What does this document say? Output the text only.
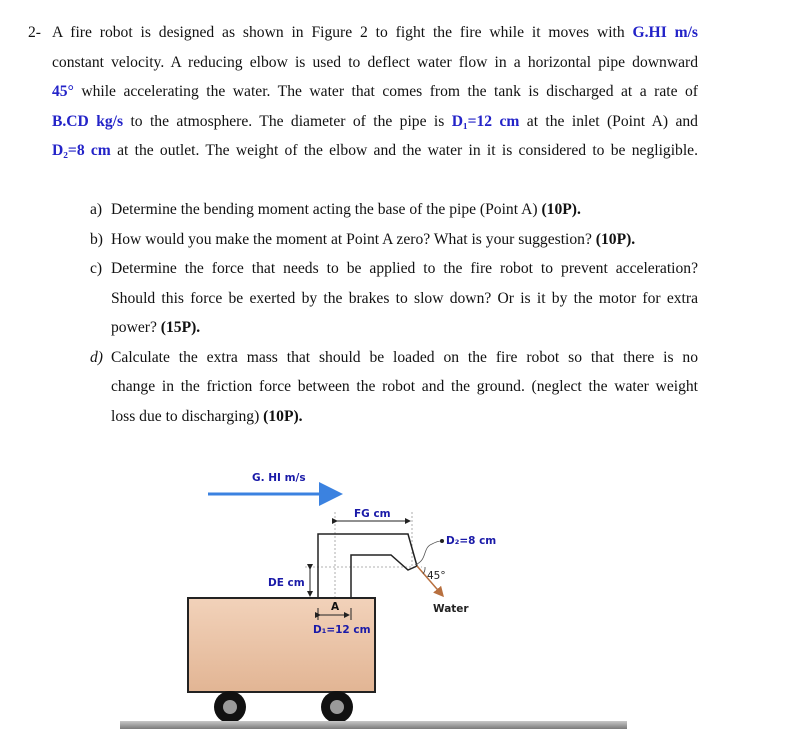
2- A fire robot is designed as shown in Figure 2 to fight the fire while it moves with G.HI m/s
constant velocity. A reducing elbow is used to deflect water flow in a horizontal pipe downward
45° while accelerating the water. The water that comes from the tank is discharged at a rate of
B.CD kg/s to the atmosphere. The diameter of the pipe is D₁=12 cm at the inlet (Point A) and
D₂=8 cm at the outlet. The weight of the elbow and the water in it is considered to be negligible.
a) Determine the bending moment acting the base of the pipe (Point A) (10P).
b) How would you make the moment at Point A zero? What is your suggestion? (10P).
c) Determine the force that needs to be applied to the fire robot to prevent acceleration?
Should this force be exerted by the brakes to slow down? Or is it by the motor for extra
power? (15P).
d) Calculate the extra mass that should be loaded on the fire robot so that there is no
change in the friction force between the robot and the ground. (neglect the water weight
loss due to discharging) (10P).
G. HI m/s
FG cm
DE cm
A
D₁=12 cm
D₂=8 cm
45°
Water
